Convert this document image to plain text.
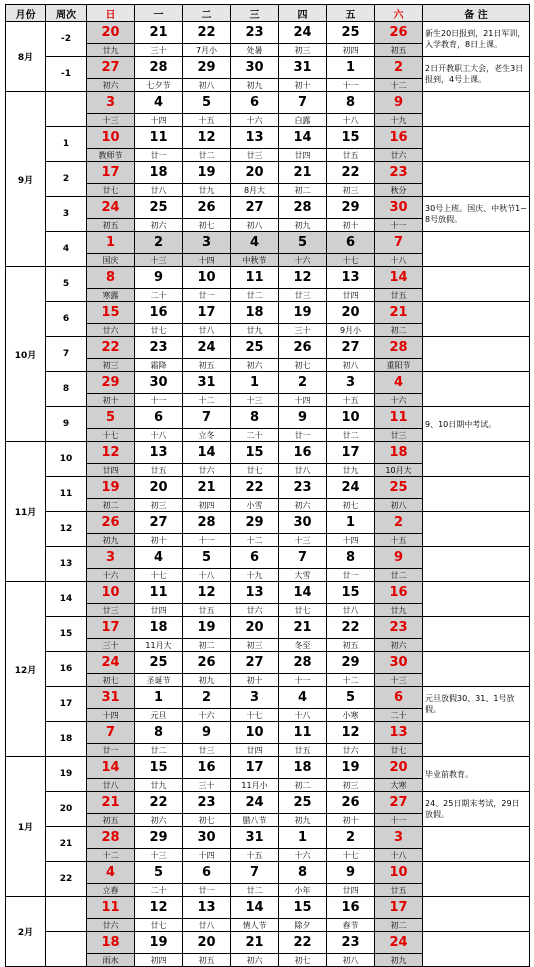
月份	周次	日	一	二	三	四	五	六	备 注
8月	-2	20	21	22	23	24	25	26	新生20日报到，21日军训，入学教育，8日上课。
		廿九	三十	7月小	处暑	初三	初四	初五	
	-1	27	28	29	30	31	1	2	2日开教职工大会，老生3日报到，4号上课。
		初六	七夕节	初八	初九	初十	十一	十二	
9月		3	4	5	6	7	8	9	
		十三	十四	十五	十六	白露	十八	十九	
	1	10	11	12	13	14	15	16	
		教师节	廿一	廿二	廿三	廿四	廿五	廿六	
	2	17	18	19	20	21	22	23	
		廿七	廿八	廿九	8月大	初二	初三	秋分	
	3	24	25	26	27	28	29	30	30号上班。国庆、中秋节1~8号放假。
		初五	初六	初七	初八	初九	初十	十一	
	4	1	2	3	4	5	6	7	
		国庆	十三	十四	中秋节	十六	十七	十八	
10月	5	8	9	10	11	12	13	14	
		寒露	二十	廿一	廿二	廿三	廿四	廿五	
	6	15	16	17	18	19	20	21	
		廿六	廿七	廿八	廿九	三十	9月小	初二	
	7	22	23	24	25	26	27	28	
		初三	霜降	初五	初六	初七	初八	重阳节	
	8	29	30	31	1	2	3	4	
		初十	十一	十二	十三	十四	十五	十六	
	9	5	6	7	8	9	10	11	9、10日期中考试。
		十七	十八	立冬	二十	廿一	廿二	廿三	
11月	10	12	13	14	15	16	17	18	
		廿四	廿五	廿六	廿七	廿八	廿九	10月大	
	11	19	20	21	22	23	24	25	
		初二	初三	初四	小雪	初六	初七	初八	
	12	26	27	28	29	30	1	2	
		初九	初十	十一	十二	十三	十四	十五	
	13	3	4	5	6	7	8	9	
		十六	十七	十八	十九	大雪	廿一	廿二	
12月	14	10	11	12	13	14	15	16	
		廿三	廿四	廿五	廿六	廿七	廿八	廿九	
	15	17	18	19	20	21	22	23	
		三十	11月大	初二	初三	冬至	初五	初六	
	16	24	25	26	27	28	29	30	
		初七	圣诞节	初九	初十	十一	十二	十三	
	17	31	1	2	3	4	5	6	元旦放假30、31、1号放假。
		十四	元旦	十六	十七	十八	小寒	二十	
	18	7	8	9	10	11	12	13	
		廿一	廿二	廿三	廿四	廿五	廿六	廿七	
1月	19	14	15	16	17	18	19	20	毕业前教育。
		廿八	廿九	三十	11月小	初二	初三	大寒	
	20	21	22	23	24	25	26	27	24、25日期末考试，29日放假。
		初五	初六	初七	腊八节	初九	初十	十一	
	21	28	29	30	31	1	2	3	
		十二	十三	十四	十五	十六	十七	十八	
	22	4	5	6	7	8	9	10	
		立春	二十	廿一	廿二	小年	廿四	廿五	
2月		11	12	13	14	15	16	17	
		廿六	廿七	廿八	情人节	除夕	春节	初二	
		18	19	20	21	22	23	24	
		雨水	初四	初五	初六	初七	初八	初九	
